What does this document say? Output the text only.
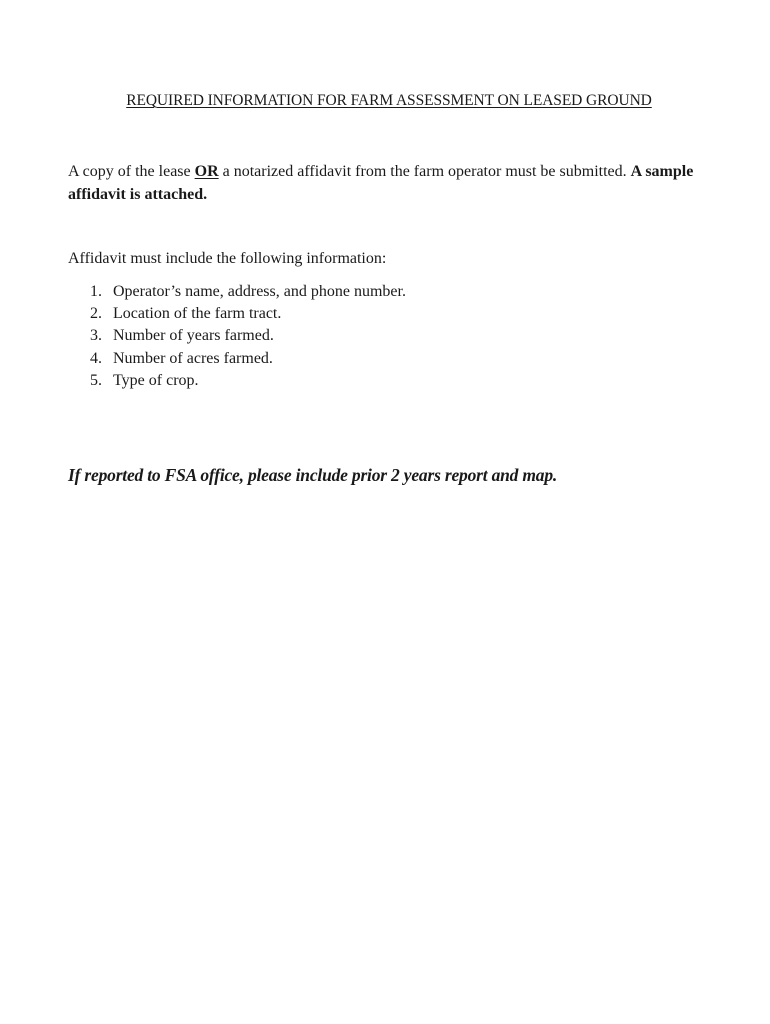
REQUIRED INFORMATION FOR FARM ASSESSMENT ON LEASED GROUND

A copy of the lease OR a notarized affidavit from the farm operator must be submitted. A sample affidavit is attached.

Affidavit must include the following information:
1. Operator’s name, address, and phone number.
2. Location of the farm tract.
3. Number of years farmed.
4. Number of acres farmed.
5. Type of crop.
If reported to FSA office, please include prior 2 years report and map.
